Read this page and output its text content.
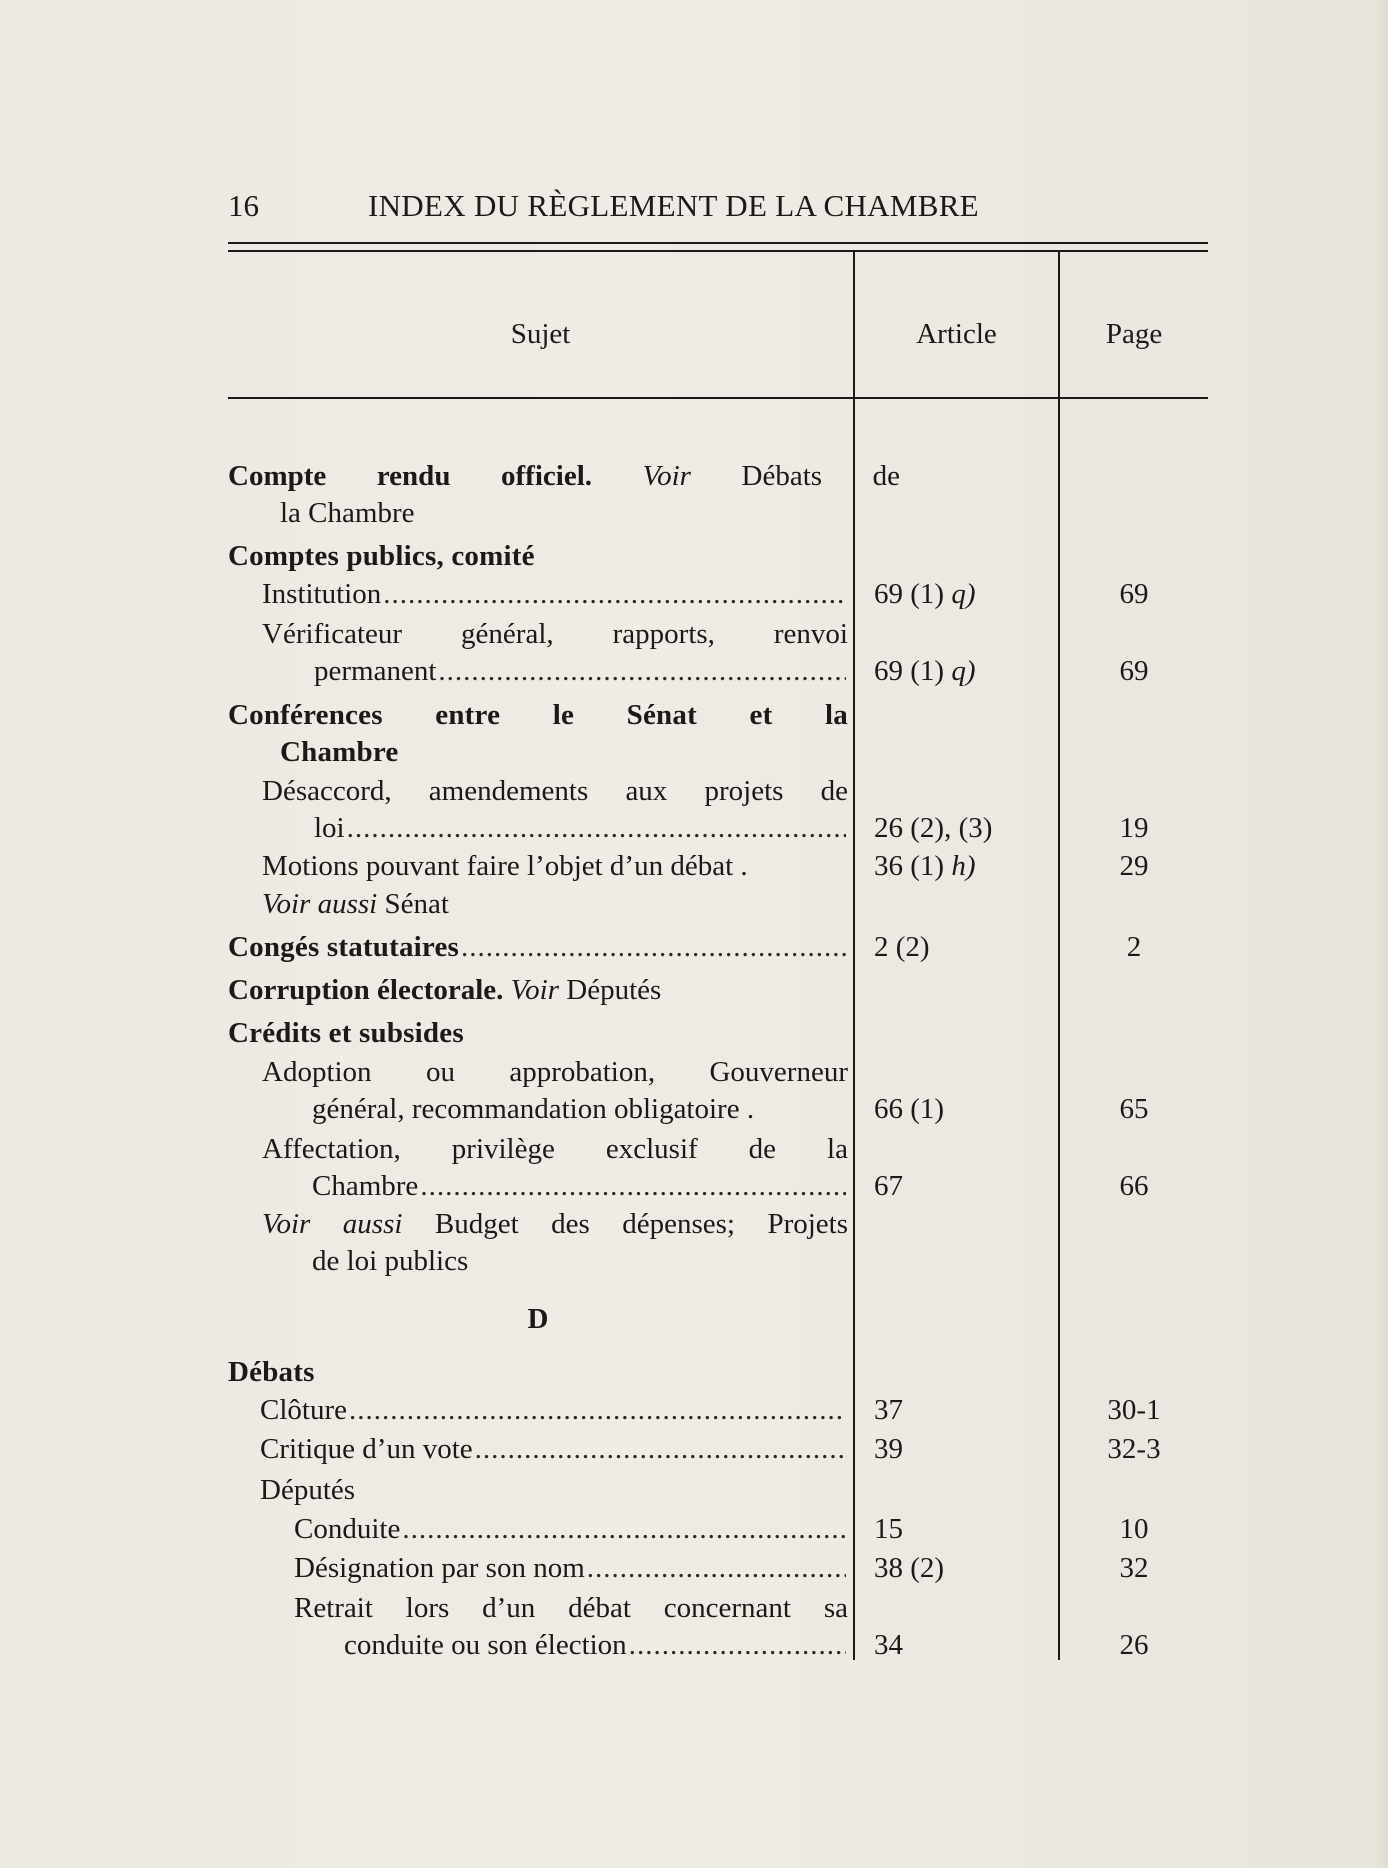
16	INDEX DU RÈGLEMENT DE LA CHAMBRE
Sujet	Article	Page
Compte rendu officiel. Voir Débats de
la Chambre
Comptes publics, comité
Institution .....	69 (1) q)	69
Vérificateur général, rapports, renvoi
permanent .....	69 (1) q)	69
Conférences entre le Sénat et la
Chambre
Désaccord, amendements aux projets de
loi .....	26 (2), (3)	19
Motions pouvant faire l’objet d’un débat .	36 (1) h)	29
Voir aussi Sénat
Congés statutaires .....	2 (2)	2
Corruption électorale. Voir Députés
Crédits et subsides
Adoption ou approbation, Gouverneur
général, recommandation obligatoire .	66 (1)	65
Affectation, privilège exclusif de la
Chambre .....	67	66
Voir aussi Budget des dépenses; Projets
de loi publics
D
Débats
Clôture .....	37	30-1
Critique d’un vote .....	39	32-3
Députés
Conduite .....	15	10
Désignation par son nom .....	38 (2)	32
Retrait lors d’un débat concernant sa
conduite ou son élection .....	34	26
